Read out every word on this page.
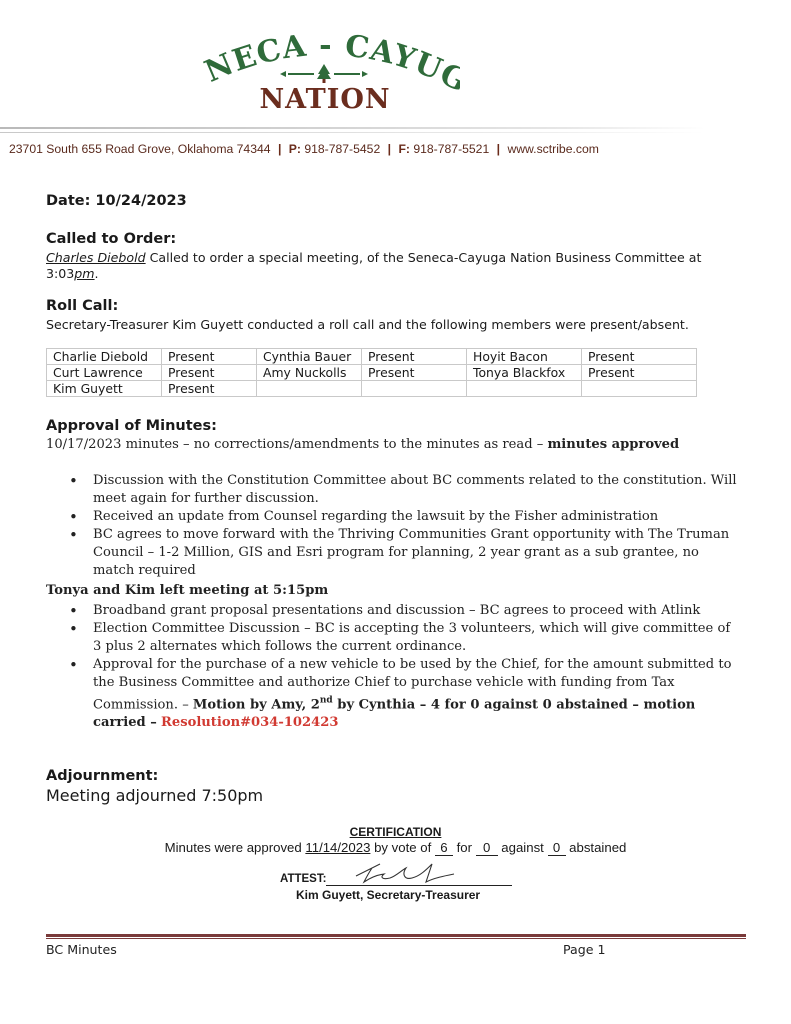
NECA - CAYU
NATION
23701 South 655 Road Grove, Oklahoma 74344 | P: 918-787-5452 | F: 918-787-5521 | www.sctribe.com
Date: 10/24/2023
Called to Order:
Charles Diebold Called to order a special meeting, of the Seneca-Cayuga Nation Business Committee at
3:03pm.
Roll Call:
Secretary-Treasurer Kim Guyett conducted a roll call and the following members were present/absent.
Charlie Diebold	Present	Cynthia Bauer	Present	Hoyit Bacon	Present
Curt Lawrence	Present	Amy Nuckolls	Present	Tonya Blackfox	Present
Kim Guyett	Present				
Approval of Minutes:
10/17/2023 minutes – no corrections/amendments to the minutes as read – minutes approved
• Discussion with the Constitution Committee about BC comments related to the constitution. Will meet again for further discussion.
• Received an update from Counsel regarding the lawsuit by the Fisher administration
• BC agrees to move forward with the Thriving Communities Grant opportunity with The Truman Council – 1-2 Million, GIS and Esri program for planning, 2 year grant as a sub grantee, no match required
Tonya and Kim left meeting at 5:15pm
• Broadband grant proposal presentations and discussion – BC agrees to proceed with Atlink
• Election Committee Discussion – BC is accepting the 3 volunteers, which will give committee of 3 plus 2 alternates which follows the current ordinance.
• Approval for the purchase of a new vehicle to be used by the Chief, for the amount submitted to the Business Committee and authorize Chief to purchase vehicle with funding from Tax Commission. – Motion by Amy, 2nd by Cynthia – 4 for 0 against 0 abstained – motion carried – Resolution#034-102423
Adjournment:
Meeting adjourned 7:50pm
CERTIFICATION
Minutes were approved 11/14/2023 by vote of 6 for 0 against 0 abstained
ATTEST:
Kim Guyett, Secretary-Treasurer
BC Minutes	Page 1
